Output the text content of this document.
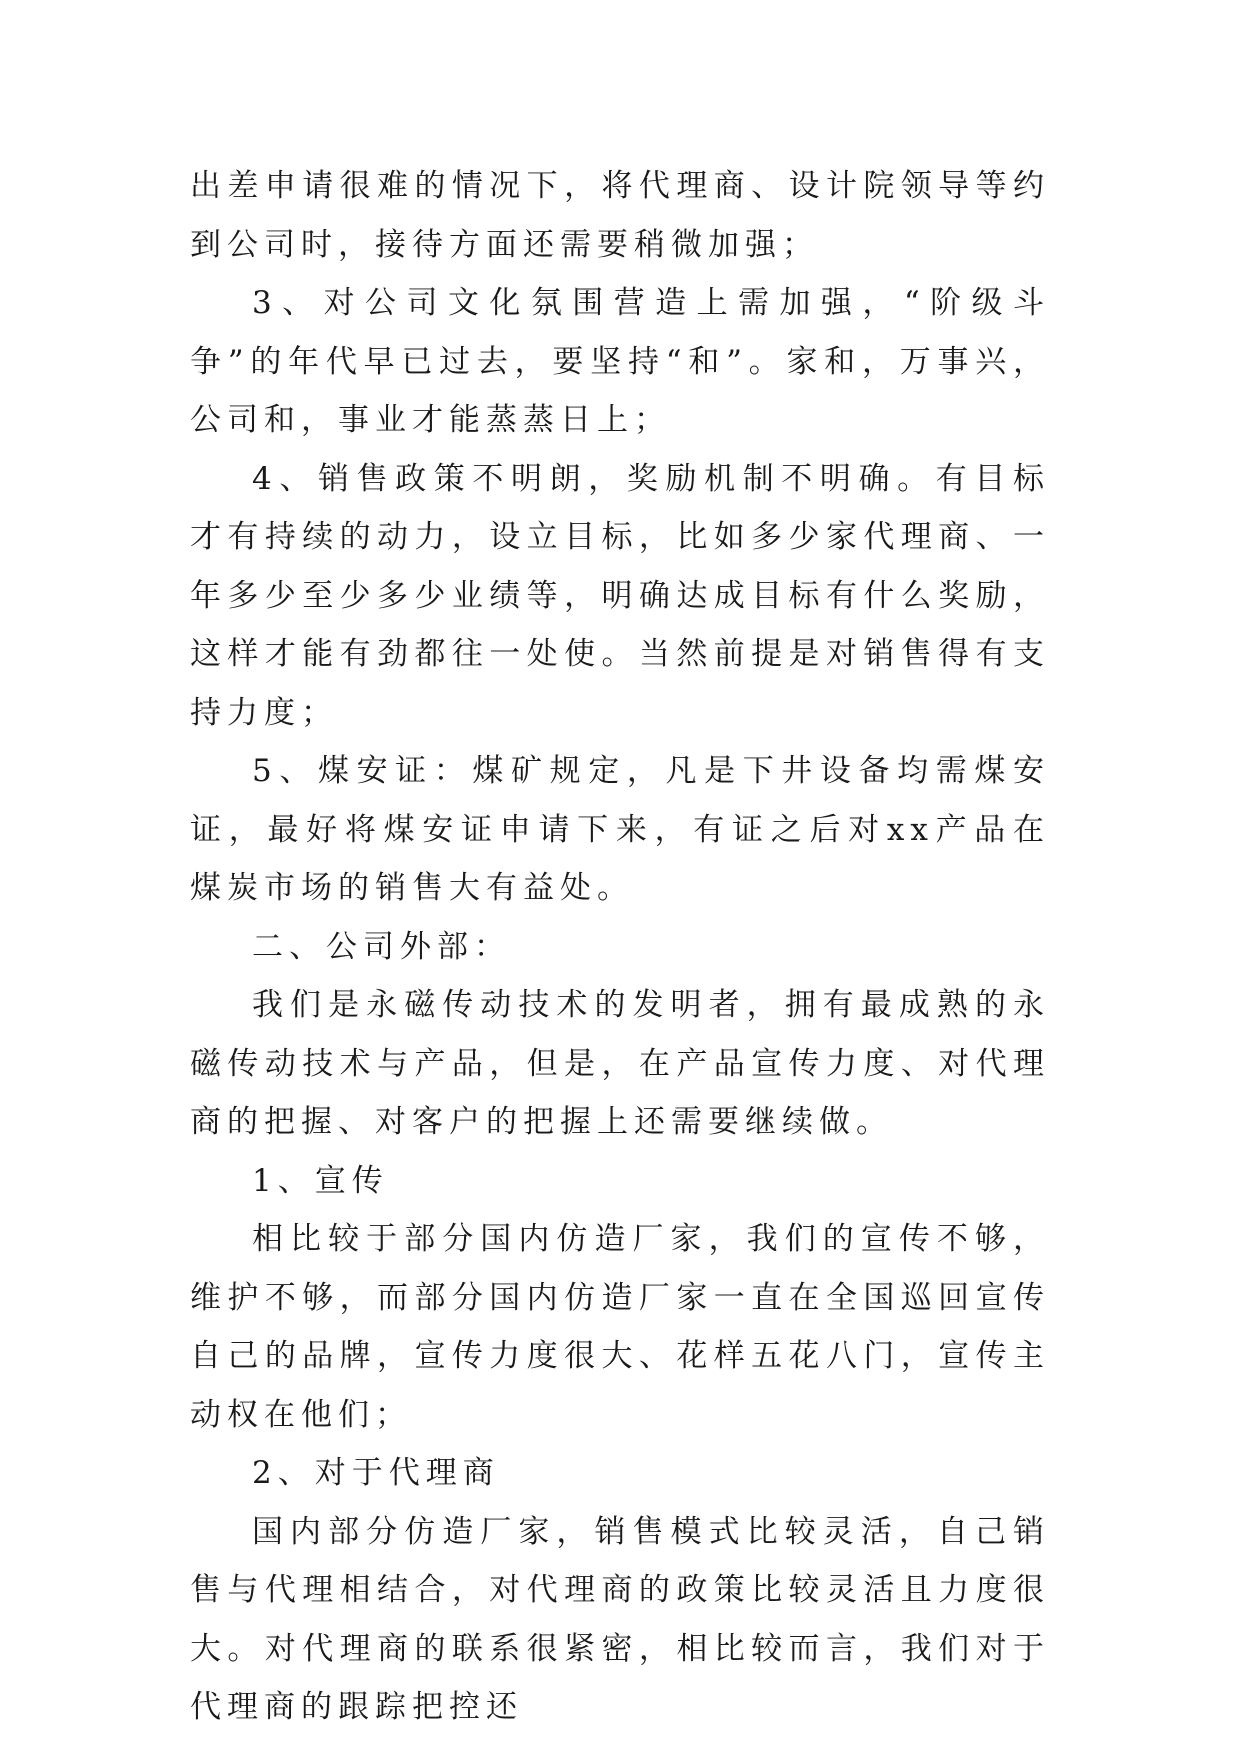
出差申请很难的情况下，将代理商、设计院领导等约到公司时，接待方面还需要稍微加强；

3、对公司文化氛围营造上需加强，“阶级斗争”的年代早已过去，要坚持“和”。家和，万事兴，公司和，事业才能蒸蒸日上；

4、销售政策不明朗，奖励机制不明确。有目标才有持续的动力，设立目标，比如多少家代理商、一年多少至少多少业绩等，明确达成目标有什么奖励，这样才能有劲都往一处使。当然前提是对销售得有支持力度；

5、煤安证：煤矿规定，凡是下井设备均需煤安证，最好将煤安证申请下来，有证之后对xx产品在煤炭市场的销售大有益处。

二、公司外部：

我们是永磁传动技术的发明者，拥有最成熟的永磁传动技术与产品，但是，在产品宣传力度、对代理商的把握、对客户的把握上还需要继续做。

1、宣传

相比较于部分国内仿造厂家，我们的宣传不够，维护不够，而部分国内仿造厂家一直在全国巡回宣传自己的品牌，宣传力度很大、花样五花八门，宣传主动权在他们；

2、对于代理商

国内部分仿造厂家，销售模式比较灵活，自己销售与代理相结合，对代理商的政策比较灵活且力度很大。对代理商的联系很紧密，相比较而言，我们对于代理商的跟踪把控还
